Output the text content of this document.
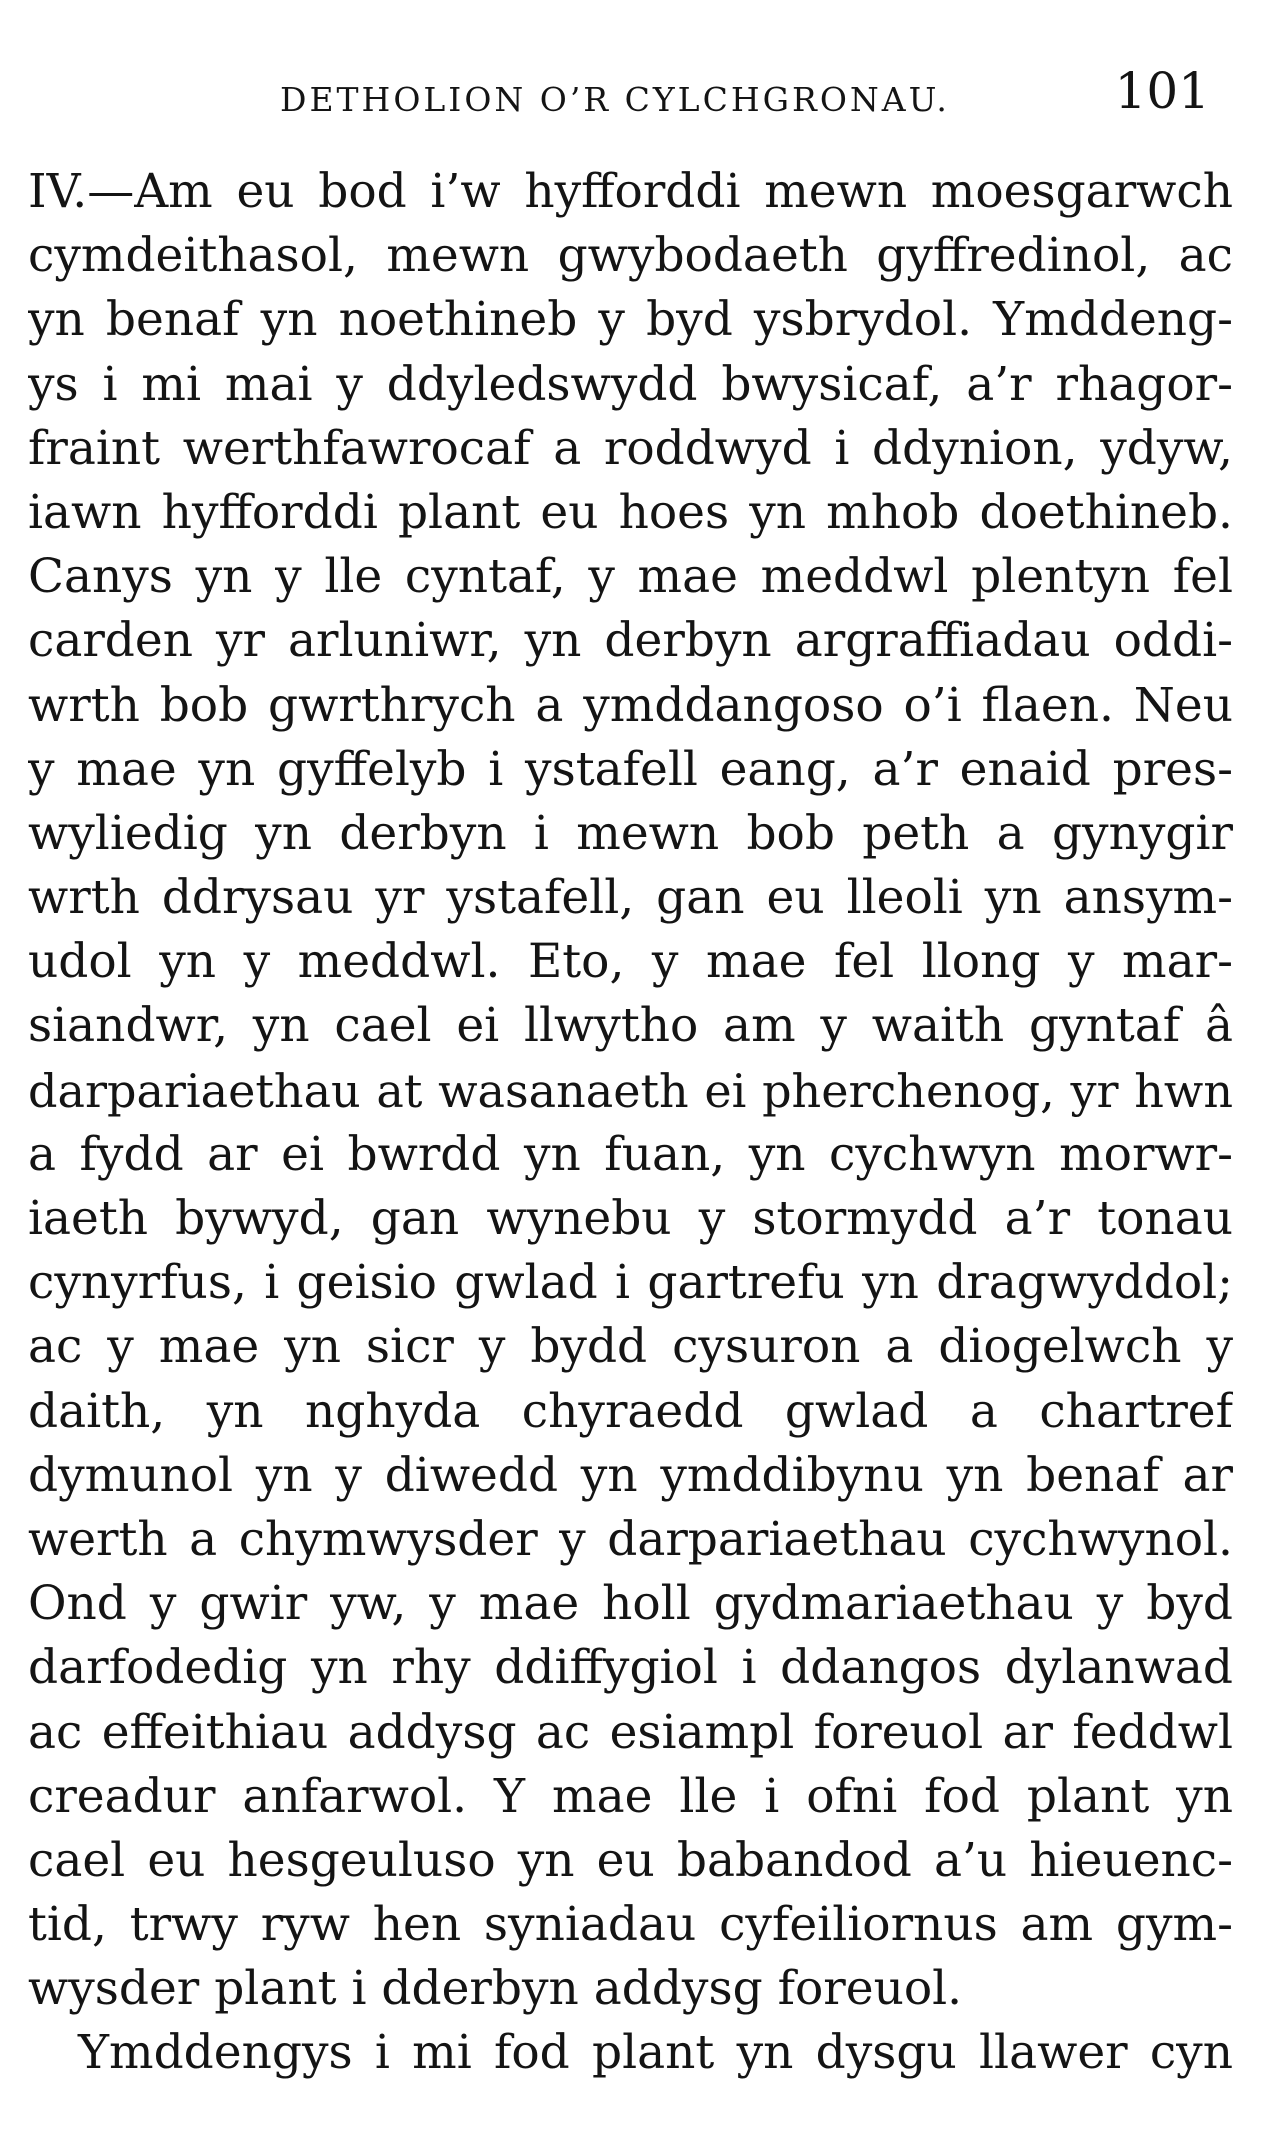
DETHOLION O’R CYLCHGRONAU.	101
IV.—Am eu bod i’w hyfforddi mewn moesgarwch
cymdeithasol, mewn gwybodaeth gyffredinol, ac
yn benaf yn noethineb y byd ysbrydol. Ymddeng-
ys i mi mai y ddyledswydd bwysicaf, a’r rhagor-
fraint werthfawrocaf a roddwyd i ddynion, ydyw,
iawn hyfforddi plant eu hoes yn mhob doethineb.
Canys yn y lle cyntaf, y mae meddwl plentyn fel
carden yr arluniwr, yn derbyn argraffiadau oddi-
wrth bob gwrthrych a ymddangoso o’i flaen. Neu
y mae yn gyffelyb i ystafell eang, a’r enaid pres-
wyliedig yn derbyn i mewn bob peth a gynygir
wrth ddrysau yr ystafell, gan eu lleoli yn ansym-
udol yn y meddwl. Eto, y mae fel llong y mar-
siandwr, yn cael ei llwytho am y waith gyntaf â
darpariaethau at wasanaeth ei pherchenog, yr hwn
a fydd ar ei bwrdd yn fuan, yn cychwyn morwr-
iaeth bywyd, gan wynebu y stormydd a’r tonau
cynyrfus, i geisio gwlad i gartrefu yn dragwyddol;
ac y mae yn sicr y bydd cysuron a diogelwch y
daith, yn nghyda chyraedd gwlad a chartref
dymunol yn y diwedd yn ymddibynu yn benaf ar
werth a chymwysder y darpariaethau cychwynol.
Ond y gwir yw, y mae holl gydmariaethau y byd
darfodedig yn rhy ddiffygiol i ddangos dylanwad
ac effeithiau addysg ac esiampl foreuol ar feddwl
creadur anfarwol. Y mae lle i ofni fod plant yn
cael eu hesgeuluso yn eu babandod a’u hieuenc-
tid, trwy ryw hen syniadau cyfeiliornus am gym-
wysder plant i dderbyn addysg foreuol.
Ymddengys i mi fod plant yn dysgu llawer cyn
